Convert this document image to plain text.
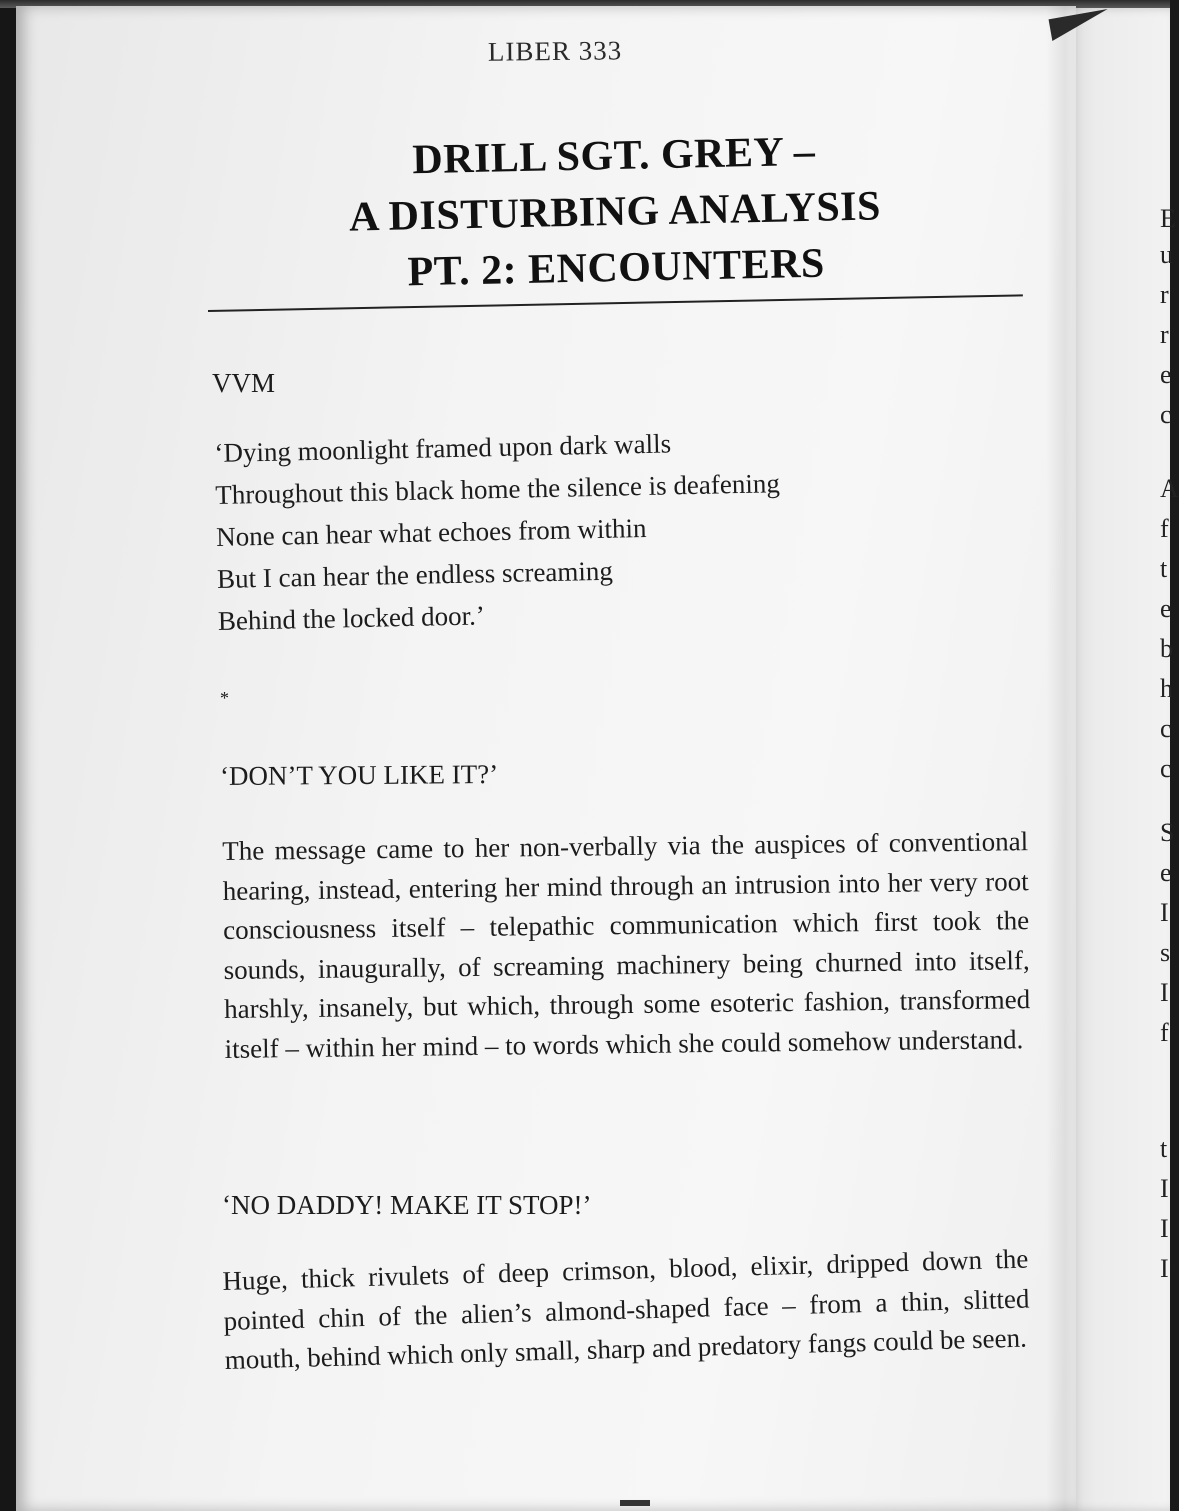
E
u
r
r
e
c
A
f
t
e
b
h
c
c
S
e
I
s
I
f
t
I
I
I
LIBER 333
DRILL SGT. GREY –
A DISTURBING ANALYSIS
PT. 2: ENCOUNTERS
VVM
‘Dying moonlight framed upon dark walls
Throughout this black home the silence is deafening
None can hear what echoes from within
But I can hear the endless screaming
Behind the locked door.’
*
‘DON’T YOU LIKE IT?’
The message came to her non-verbally via the auspices of conventional hearing, instead, entering her mind through an intrusion into her very root consciousness itself – telepathic communication which first took the sounds, inaugurally, of screaming machinery being churned into itself, harshly, insanely, but which, through some esoteric fashion, transformed itself – within her mind – to words which she could somehow understand.
‘NO DADDY! MAKE IT STOP!’
Huge, thick rivulets of deep crimson, blood, elixir, dripped down the pointed chin of the alien’s almond-shaped face – from a thin, slitted mouth, behind which only small, sharp and predatory fangs could be seen.
